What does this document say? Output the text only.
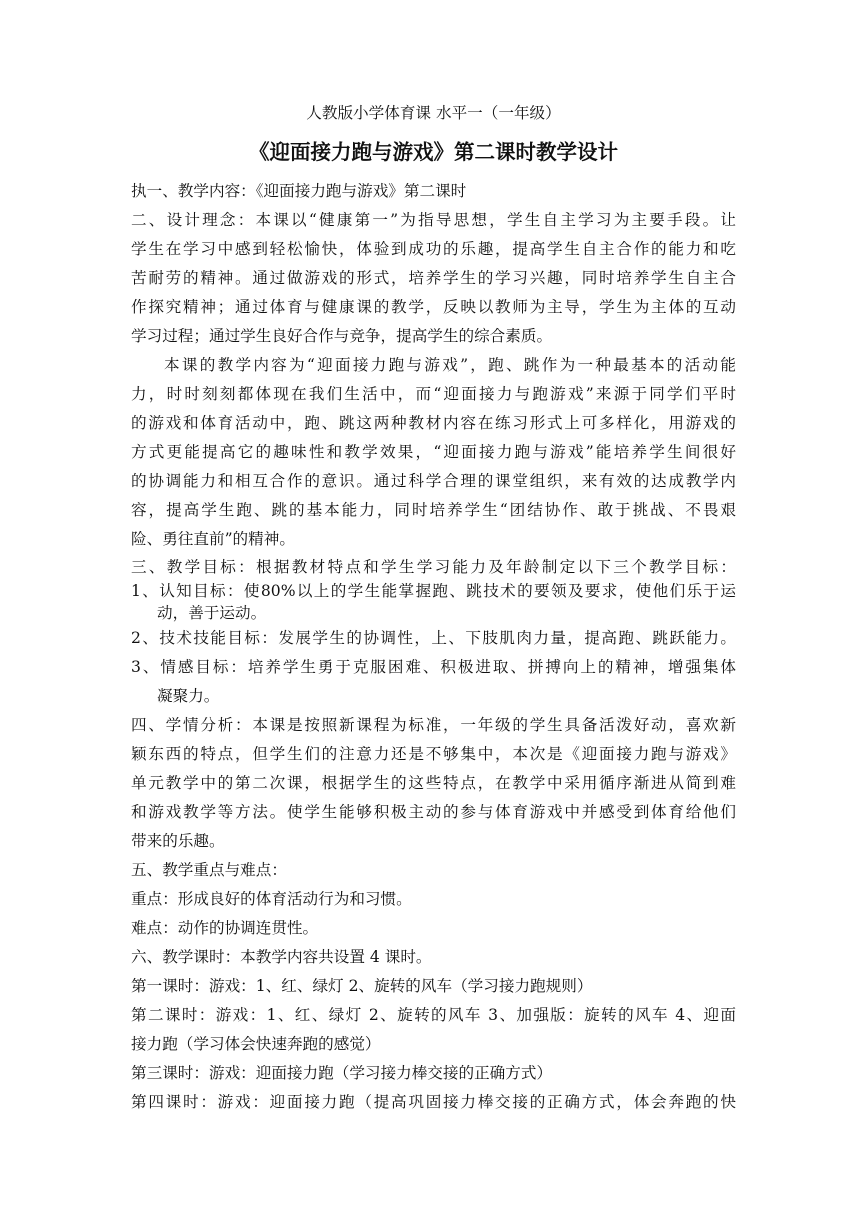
人教版小学体育课 水平一（一年级）
《迎面接力跑与游戏》第二课时教学设计
执一、教学内容：《迎面接力跑与游戏》第二课时
二、设计理念：本课以“健康第一”为指导思想，学生自主学习为主要手段。让
学生在学习中感到轻松愉快，体验到成功的乐趣，提高学生自主合作的能力和吃
苦耐劳的精神。通过做游戏的形式，培养学生的学习兴趣，同时培养学生自主合
作探究精神；通过体育与健康课的教学，反映以教师为主导，学生为主体的互动
学习过程；通过学生良好合作与竞争，提高学生的综合素质。
本课的教学内容为“迎面接力跑与游戏”，跑、跳作为一种最基本的活动能
力，时时刻刻都体现在我们生活中，而“迎面接力与跑游戏”来源于同学们平时
的游戏和体育活动中，跑、跳这两种教材内容在练习形式上可多样化，用游戏的
方式更能提高它的趣味性和教学效果，“迎面接力跑与游戏”能培养学生间很好
的协调能力和相互合作的意识。通过科学合理的课堂组织，来有效的达成教学内
容，提高学生跑、跳的基本能力，同时培养学生“团结协作、敢于挑战、不畏艰
险、勇往直前”的精神。
三、教学目标：根据教材特点和学生学习能力及年龄制定以下三个教学目标：
1、认知目标：使80%以上的学生能掌握跑、跳技术的要领及要求，使他们乐于运
动，善于运动。
2、技术技能目标：发展学生的协调性，上、下肢肌肉力量，提高跑、跳跃能力。
3、情感目标：培养学生勇于克服困难、积极进取、拼搏向上的精神，增强集体
凝聚力。
四、学情分析：本课是按照新课程为标准，一年级的学生具备活泼好动，喜欢新
颖东西的特点，但学生们的注意力还是不够集中，本次是《迎面接力跑与游戏》
单元教学中的第二次课，根据学生的这些特点，在教学中采用循序渐进从简到难
和游戏教学等方法。使学生能够积极主动的参与体育游戏中并感受到体育给他们
带来的乐趣。
五、教学重点与难点：
重点：形成良好的体育活动行为和习惯。
难点：动作的协调连贯性。
六、教学课时：本教学内容共设置 4 课时。
第一课时：游戏：1、红、绿灯 2、旋转的风车（学习接力跑规则）
第二课时：游戏：1、红、绿灯 2、旋转的风车 3、加强版：旋转的风车 4、迎面
接力跑（学习体会快速奔跑的感觉）
第三课时：游戏：迎面接力跑（学习接力棒交接的正确方式）
第四课时：游戏：迎面接力跑（提高巩固接力棒交接的正确方式，体会奔跑的快
